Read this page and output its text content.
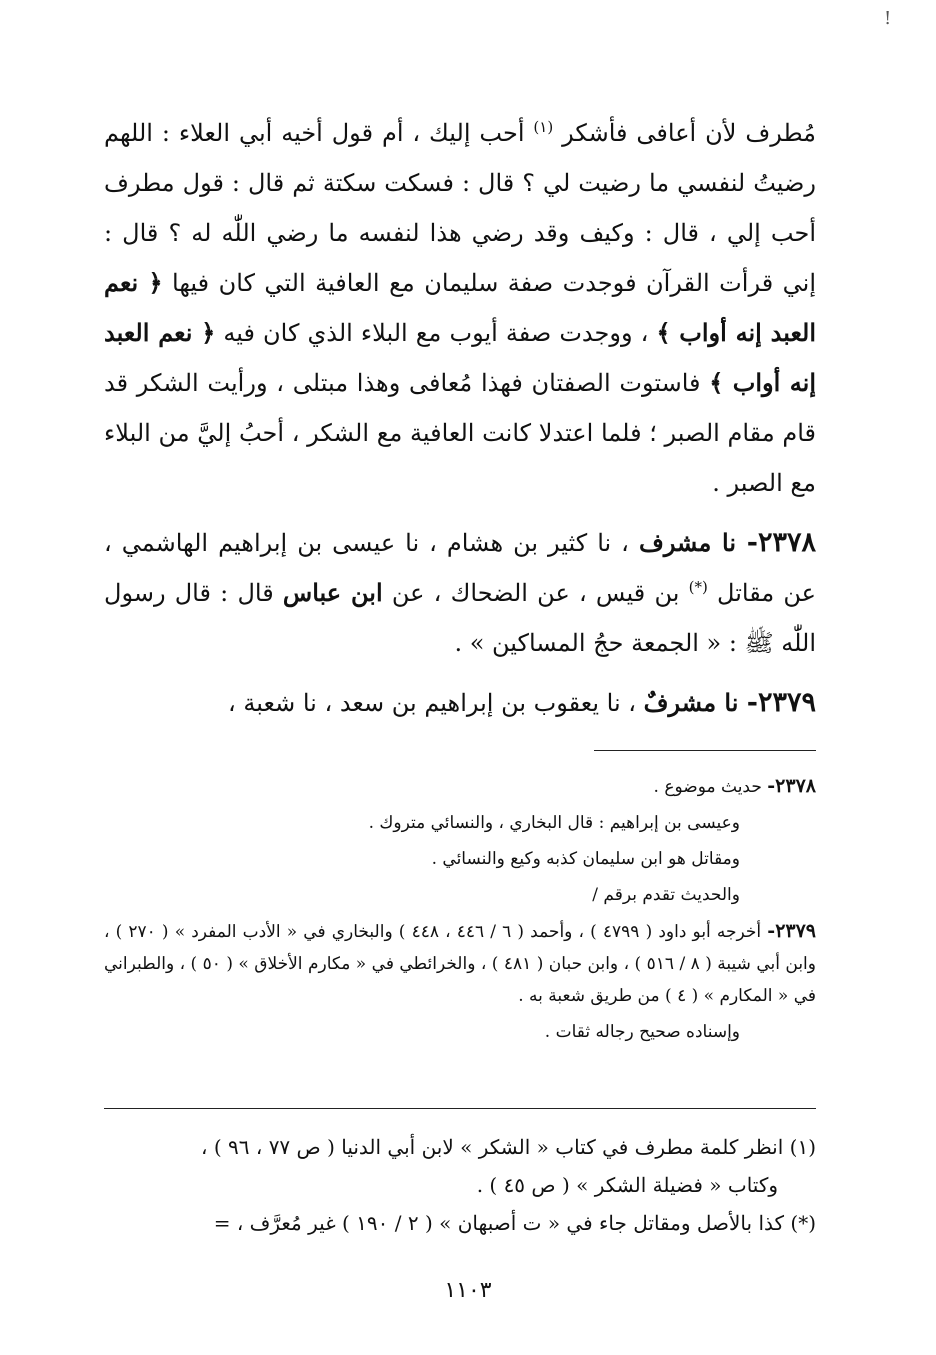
!

مُطرف لأن أعافى فأشكر $^{(١)}$ أحب إليك ، أم قول أخيه أبي العلاء : اللهم رضيتُ لنفسي ما رضيت لي ؟ قال : فسكت سكتة ثم قال : قول مطرف أحب إلي ، قال : وكيف وقد رضي هذا لنفسه ما رضي اللّٰه له ؟ قال : إني قرأت القرآن فوجدت صفة سليمان مع العافية التي كان فيها ﴿ نعم العبد إنه أواب ﴾ ، ووجدت صفة أيوب مع البلاء الذي كان فيه ﴿ نعم العبد إنه أواب ﴾ فاستوت الصفتان فهذا مُعافى وهذا مبتلى ، ورأيت الشكر قد قام مقام الصبر ؛ فلما اعتدلا كانت العافية مع الشكر ، أحبُ إليَّ من البلاء مع الصبر .

٢٣٧٨- نا مشرف ، نا كثير بن هشام ، نا عيسى بن إبراهيم الهاشمي ، عن مقاتل (*) بن قيس ، عن الضحاك ، عن ابن عباس قال : قال رسول اللّٰه ﷺ : « الجمعة حجُ المساكين » .

٢٣٧٩- نا مشرفٌ ، نا يعقوب بن إبراهيم بن سعد ، نا شعبة ،

٢٣٧٨- حديث موضوع .

وعيسى بن إبراهيم : قال البخاري ، والنسائي متروك .

ومقاتل هو ابن سليمان كذبه وكيع والنسائي .

والحديث تقدم برقم /

٢٣٧٩- أخرجه أبو داود ( ٤٧٩٩ ) ، وأحمد ( ٦ / ٤٤٦ ، ٤٤٨ ) والبخاري في « الأدب المفرد » ( ٢٧٠ ) ، وابن أبي شيبة ( ٨ / ٥١٦ ) ، وابن حبان ( ٤٨١ ) ، والخرائطي في « مكارم الأخلاق » ( ٥٠ ) ، والطبراني في « المكارم » ( ٤ ) من طريق شعبة به .

وإسناده صحيح رجاله ثقات .

(١) انظر كلمة مطرف في كتاب « الشكر » لابن أبي الدنيا ( ص ٧٧ ، ٩٦ ) ،

وكتاب « فضيلة الشكر » ( ص ٤٥ ) .

(*) كذا بالأصل ومقاتل جاء في « ت أصبهان » ( ٢ / ١٩٠ ) غير مُعرَّف ، =

١١٠٣
